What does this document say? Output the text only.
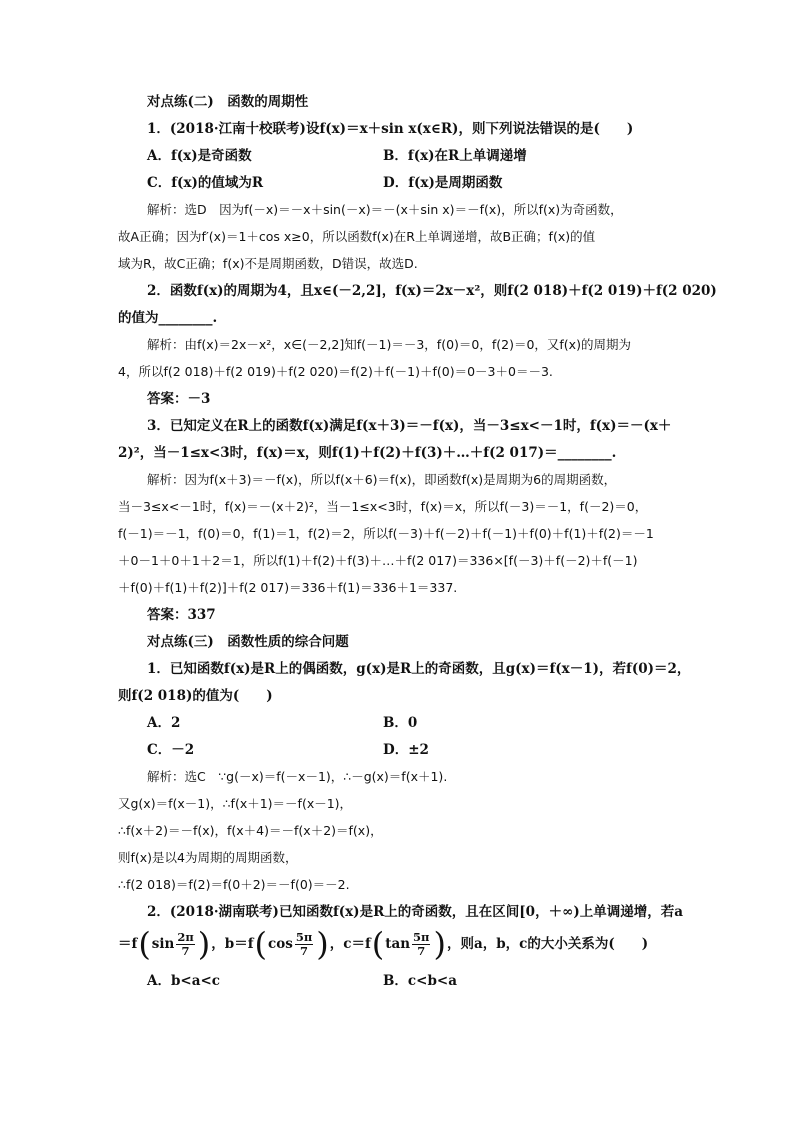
对点练(二)　函数的周期性
1．(2018·江南十校联考)设f(x)＝x＋sin x(x∈R)，则下列说法错误的是(　　)
A．f(x)是奇函数	B．f(x)在R上单调递增
C．f(x)的值域为R	D．f(x)是周期函数
解析：选D　因为f(－x)＝－x＋sin(－x)＝－(x＋sin x)＝－f(x)，所以f(x)为奇函数，
故A正确；因为f′(x)＝1＋cos x≥0，所以函数f(x)在R上单调递增，故B正确；f(x)的值
域为R，故C正确；f(x)不是周期函数，D错误，故选D.
2．函数f(x)的周期为4，且x∈(－2,2]，f(x)＝2x－x²，则f(2 018)＋f(2 019)＋f(2 020)
的值为________.
解析：由f(x)＝2x－x²，x∈(－2,2]知f(－1)＝－3，f(0)＝0，f(2)＝0，又f(x)的周期为
4，所以f(2 018)＋f(2 019)＋f(2 020)＝f(2)＋f(－1)＋f(0)＝0－3＋0＝－3.
答案：－3
3．已知定义在R上的函数f(x)满足f(x＋3)＝－f(x)，当－3≤x<－1时，f(x)＝－(x＋
2)²，当－1≤x<3时，f(x)＝x，则f(1)＋f(2)＋f(3)＋…＋f(2 017)＝________.
解析：因为f(x＋3)＝－f(x)，所以f(x＋6)＝f(x)，即函数f(x)是周期为6的周期函数，
当－3≤x<－1时，f(x)＝－(x＋2)²，当－1≤x<3时，f(x)＝x，所以f(－3)＝－1，f(－2)＝0，
f(－1)＝－1，f(0)＝0，f(1)＝1，f(2)＝2，所以f(－3)＋f(－2)＋f(－1)＋f(0)＋f(1)＋f(2)＝－1
＋0－1＋0＋1＋2＝1，所以f(1)＋f(2)＋f(3)＋…＋f(2 017)＝336×[f(－3)＋f(－2)＋f(－1)
＋f(0)＋f(1)＋f(2)]＋f(2 017)＝336＋f(1)＝336＋1＝337.
答案：337
对点练(三)　函数性质的综合问题
1．已知函数f(x)是R上的偶函数，g(x)是R上的奇函数，且g(x)＝f(x－1)，若f(0)＝2，
则f(2 018)的值为(　　)
A．2	B．0
C．－2	D．±2
解析：选C　∵g(－x)＝f(－x－1)，∴－g(x)＝f(x＋1).
又g(x)＝f(x－1)，∴f(x＋1)＝－f(x－1)，
∴f(x＋2)＝－f(x)，f(x＋4)＝－f(x＋2)＝f(x)，
则f(x)是以4为周期的周期函数，
∴f(2 018)＝f(2)＝f(0＋2)＝－f(0)＝－2.
2．(2018·湖南联考)已知函数f(x)是R上的奇函数，且在区间[0，＋∞)上单调递增，若a
＝f ( $\sin \frac{2\pi}{7}$ ) ，b＝f ( $\cos \frac{5\pi}{7}$ ) ，c＝f ( $\tan \frac{5\pi}{7}$ ) ，则a，b，c的大小关系为(　　)
A．b<a<c	B．c<b<a
